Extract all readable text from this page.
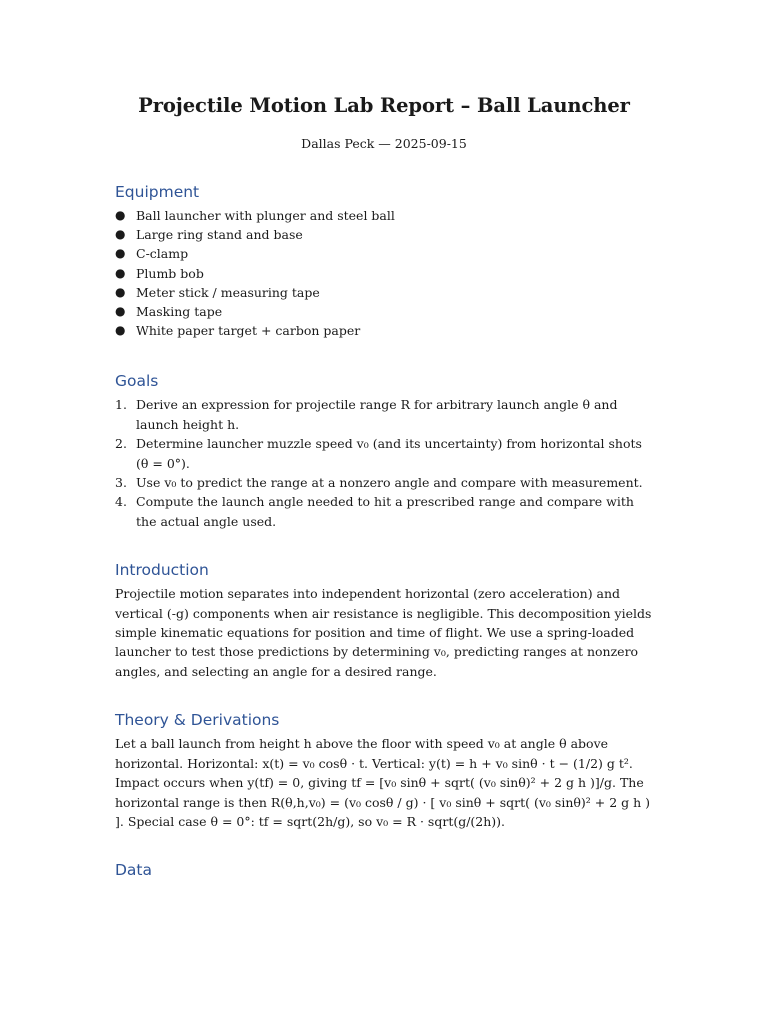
Projectile Motion Lab Report – Ball Launcher
Dallas Peck — 2025-09-15
Equipment
● Ball launcher with plunger and steel ball
● Large ring stand and base
● C-clamp
● Plumb bob
● Meter stick / measuring tape
● Masking tape
● White paper target + carbon paper
Goals
1. Derive an expression for projectile range R for arbitrary launch angle θ and launch height h.
2. Determine launcher muzzle speed v₀ (and its uncertainty) from horizontal shots (θ = 0°).
3. Use v₀ to predict the range at a nonzero angle and compare with measurement.
4. Compute the launch angle needed to hit a prescribed range and compare with the actual angle used.
Introduction

Projectile motion separates into independent horizontal (zero acceleration) and vertical (-g) components when air resistance is negligible. This decomposition yields simple kinematic equations for position and time of flight. We use a spring-loaded launcher to test those predictions by determining v₀, predicting ranges at nonzero angles, and selecting an angle for a desired range.

Theory & Derivations

Let a ball launch from height h above the floor with speed v₀ at angle θ above horizontal. Horizontal: x(t) = v₀ cosθ · t. Vertical: y(t) = h + v₀ sinθ · t − (1/2) g t². Impact occurs when y(tf) = 0, giving tf = [v₀ sinθ + sqrt( (v₀ sinθ)² + 2 g h )]/g. The horizontal range is then R(θ,h,v₀) = (v₀ cosθ / g) · [ v₀ sinθ + sqrt( (v₀ sinθ)² + 2 g h ) ]. Special case θ = 0°: tf = sqrt(2h/g), so v₀ = R · sqrt(g/(2h)).

Data
